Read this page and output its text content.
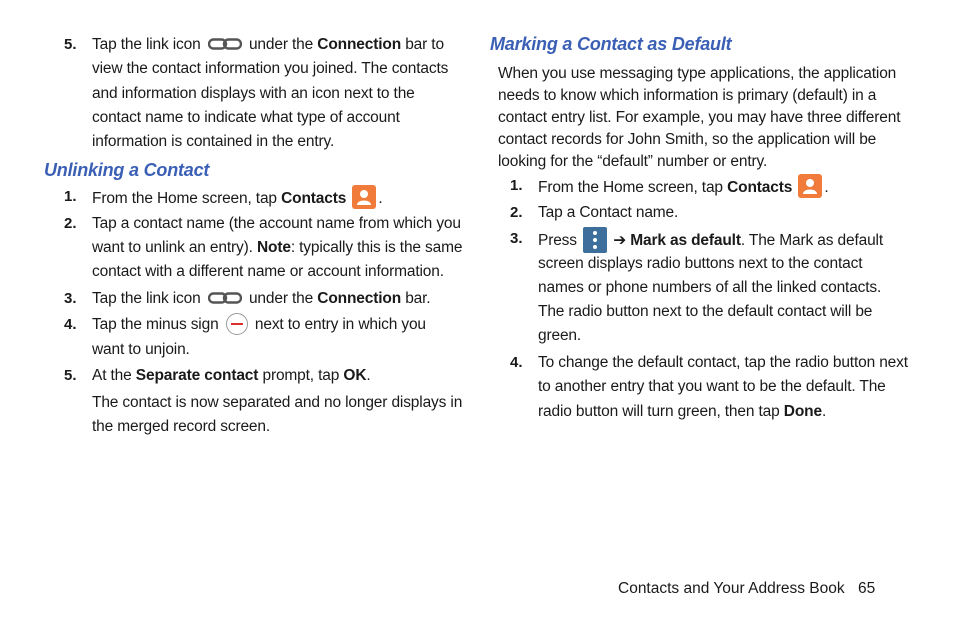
5. Tap the link icon	under the Connection bar to
view the contact information you joined. The contacts
and information displays with an icon next to the
contact name to indicate what type of account
information is contained in the entry.
Unlinking a Contact
1. From the Home screen, tap Contacts .
2. Tap a contact name (the account name from which you
want to unlink an entry). Note: typically this is the same
contact with a different name or account information.
3. Tap the link icon	under the Connection bar.
4. Tap the minus sign next to entry in which you
want to unjoin.
5. At the Separate contact prompt, tap OK.
The contact is now separated and no longer displays in
the merged record screen.
Marking a Contact as Default
When you use messaging type applications, the application
needs to know which information is primary (default) in a
contact entry list. For example, you may have three different
contact records for John Smith, so the application will be
looking for the “default” number or entry.
1. From the Home screen, tap Contacts .
2. Tap a Contact name.
3. Press ➔ Mark as default. The Mark as default
screen displays radio buttons next to the contact
names or phone numbers of all the linked contacts.
The radio button next to the default contact will be
green.
4. To change the default contact, tap the radio button next
to another entry that you want to be the default. The
radio button will turn green, then tap Done.
Contacts and Your Address Book 65
